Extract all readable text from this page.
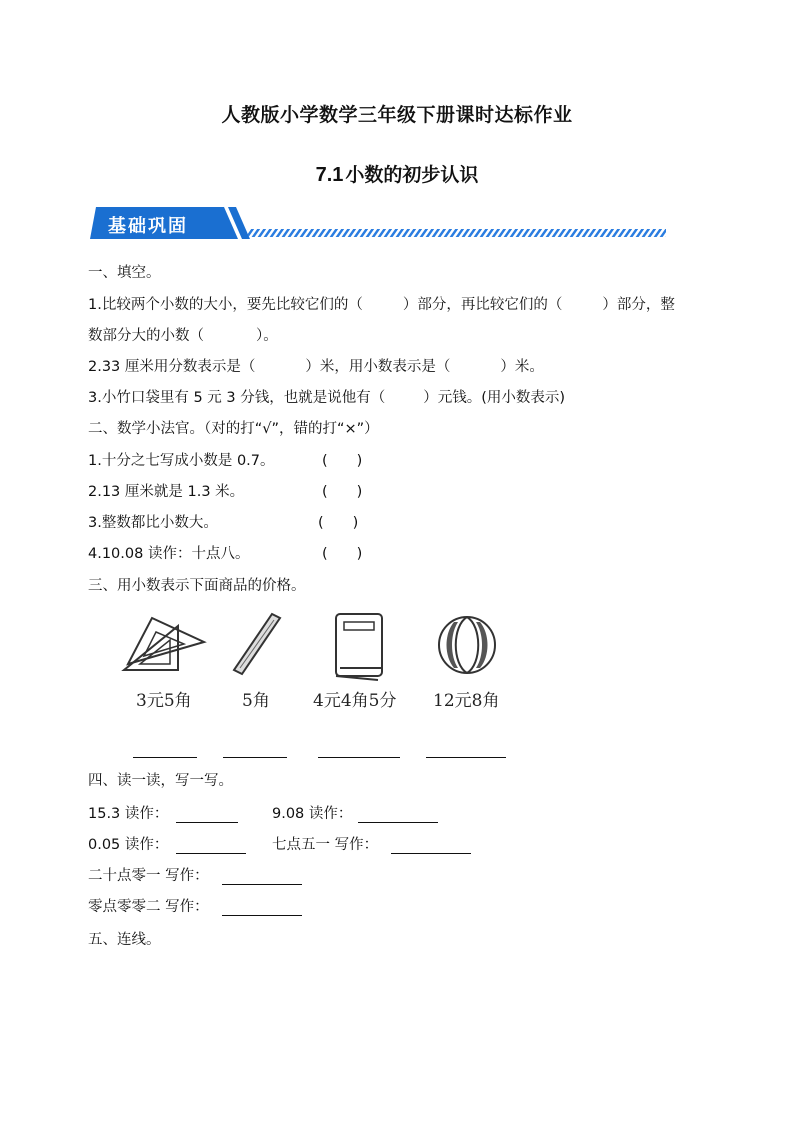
人教版小学数学三年级下册课时达标作业
7.1 小数的初步认识
基础巩固
一、填空。
1.比较两个小数的大小，要先比较它们的（	）部分，再比较它们的（	）部分，整
数部分大的小数（	）。
2.33 厘米用分数表示是（	）米，用小数表示是（	）米。
3.小竹口袋里有 5 元 3 分钱，也就是说他有（	）元钱。(用小数表示)
二、数学小法官。（对的打“√”，错的打“×”）
1.十分之七写成小数是 0.7。	(　　)
2.13 厘米就是 1.3 米。	(　　)
3.整数都比小数大。	(　　)
4.10.08 读作：十点八。	(　　)
三、用小数表示下面商品的价格。
3元5角	5角	4元4角5分 12元8角
四、读一读，写一写。
15.3 读作：	9.08 读作：
0.05 读作：	七点五一 写作：
二十点零一 写作：
零点零零二 写作：
五、连线。
